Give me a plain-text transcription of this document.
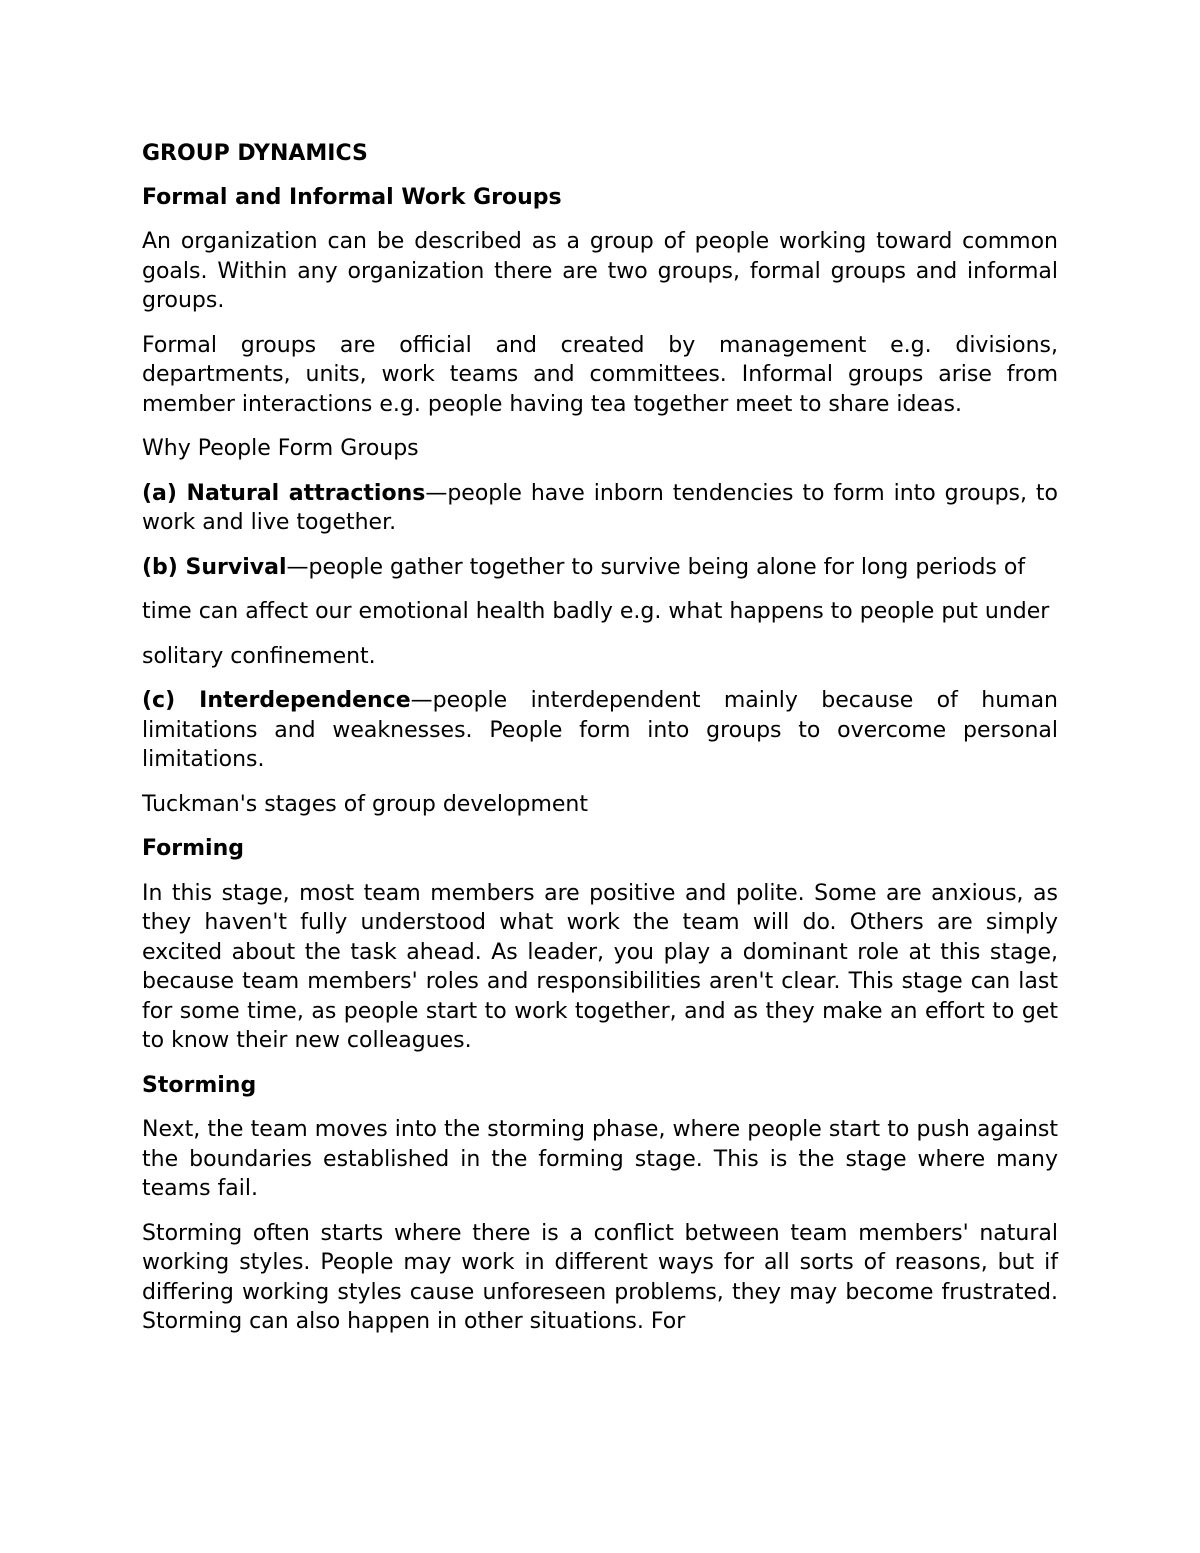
GROUP DYNAMICS
Formal and Informal Work Groups

An organization can be described as a group of people working toward common goals. Within any organization there are two groups, formal groups and informal groups.

Formal groups are official and created by management e.g. divisions, departments, units, work teams and committees. Informal groups arise from member interactions e.g. people having tea together meet to share ideas.

Why People Form Groups

(a) Natural attractions—people have inborn tendencies to form into groups, to work and live together.

(b) Survival—people gather together to survive being alone for long periods of

time can affect our emotional health badly e.g. what happens to people put under

solitary confinement.

(c) Interdependence—people interdependent mainly because of human limitations and weaknesses. People form into groups to overcome personal limitations.

Tuckman's stages of group development

Forming

In this stage, most team members are positive and polite. Some are anxious, as they haven't fully understood what work the team will do. Others are simply excited about the task ahead. As leader, you play a dominant role at this stage, because team members' roles and responsibilities aren't clear. This stage can last for some time, as people start to work together, and as they make an effort to get to know their new colleagues.

Storming

Next, the team moves into the storming phase, where people start to push against the boundaries established in the forming stage. This is the stage where many teams fail.

Storming often starts where there is a conflict between team members' natural working styles. People may work in different ways for all sorts of reasons, but if differing working styles cause unforeseen problems, they may become frustrated. Storming can also happen in other situations. For
